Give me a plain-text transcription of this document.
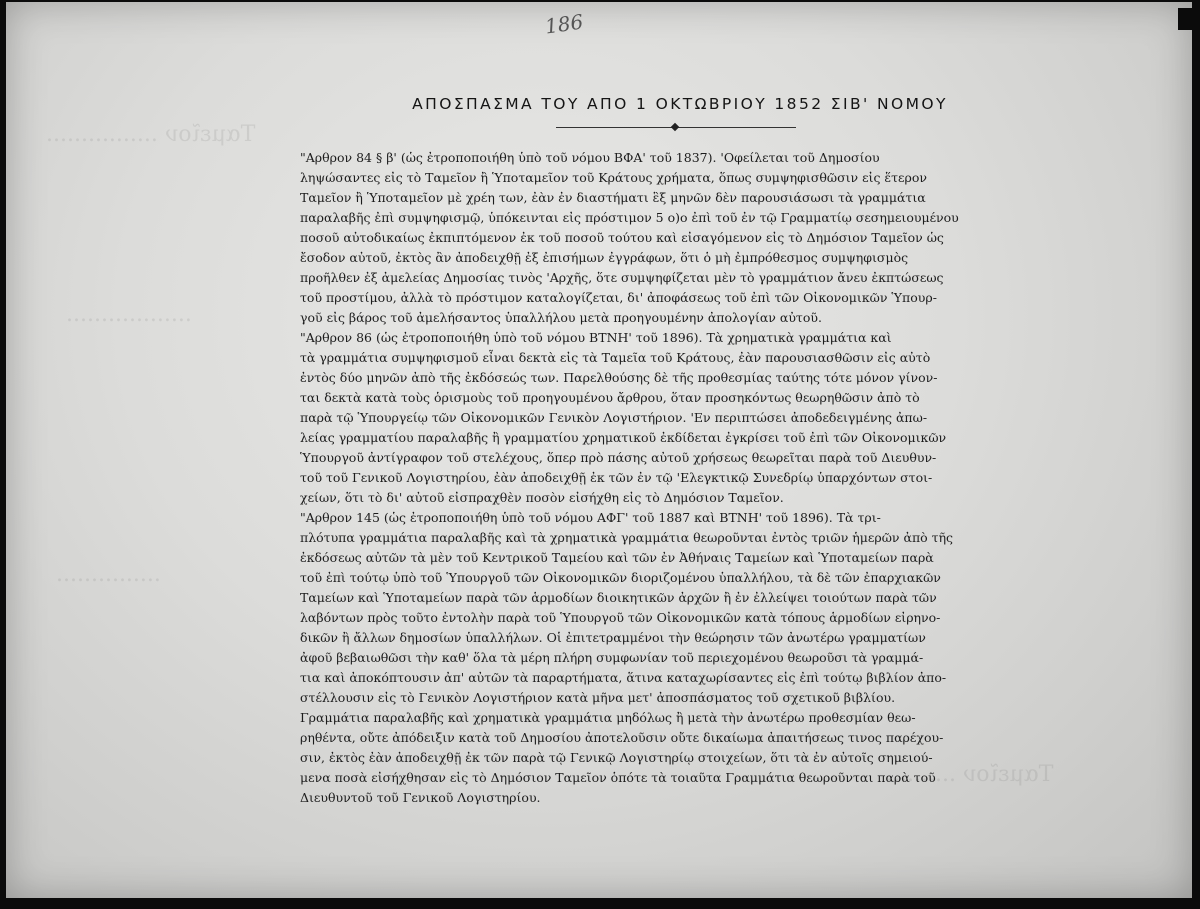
Ταμεῖον ................
..................
...............
Ταμεῖον ..........
186
ΑΠΟΣΠΑΣΜΑ ΤΟΥ ΑΠΟ 1 ΟΚΤΩΒΡΙΟΥ 1852 ΣΙΒ' ΝΟΜΟΥ
"Αρθρον 84 § β' (ὡς ἐτροποποιήθη ὑπὸ τοῦ νόμου ΒΦΑ' τοῦ 1837). 'Οφείλεται τοῦ Δημοσίου
ληψώσαντες εἰς τὸ Ταμεῖον ἢ Ὑποταμεῖον τοῦ Κράτους χρήματα, ὅπως συμψηφισθῶσιν εἰς ἕτερον
Ταμεῖον ἢ Ὑποταμεῖον μὲ χρέη των, ἐὰν ἐν διαστήματι ἓξ μηνῶν δὲν παρουσιάσωσι τὰ γραμμάτια
παραλαβῆς ἐπὶ συμψηφισμῷ, ὑπόκεινται εἰς πρόστιμον 5 ο)ο ἐπὶ τοῦ ἐν τῷ Γραμματίῳ σεσημειουμένου
ποσοῦ αὐτοδικαίως ἐκπιπτόμενον ἐκ τοῦ ποσοῦ τούτου καὶ εἰσαγόμενον εἰς τὸ Δημόσιον Ταμεῖον ὡς
ἔσοδον αὐτοῦ, ἐκτὸς ἂν ἀποδειχθῇ ἐξ ἐπισήμων ἐγγράφων, ὅτι ὁ μὴ ἐμπρόθεσμος συμψηφισμὸς
προῆλθεν ἐξ ἀμελείας Δημοσίας τινὸς 'Αρχῆς, ὅτε συμψηφίζεται μὲν τὸ γραμμάτιον ἄνευ ἐκπτώσεως
τοῦ προστίμου, ἀλλὰ τὸ πρόστιμον καταλογίζεται, δι' ἀποφάσεως τοῦ ἐπὶ τῶν Οἰκονομικῶν Ὑπουρ-
γοῦ εἰς βάρος τοῦ ἀμελήσαντος ὑπαλλήλου μετὰ προηγουμένην ἀπολογίαν αὐτοῦ.
"Αρθρον 86 (ὡς ἐτροποποιήθη ὑπὸ τοῦ νόμου ΒΤΝΗ' τοῦ 1896). Τὰ χρηματικὰ γραμμάτια καὶ
τὰ γραμμάτια συμψηφισμοῦ εἶναι δεκτὰ εἰς τὰ Ταμεῖα τοῦ Κράτους, ἐὰν παρουσιασθῶσιν εἰς αὐτὸ
ἐντὸς δύο μηνῶν ἀπὸ τῆς ἐκδόσεώς των. Παρελθούσης δὲ τῆς προθεσμίας ταύτης τότε μόνον γίνον-
ται δεκτὰ κατὰ τοὺς ὁρισμοὺς τοῦ προηγουμένου ἄρθρου, ὅταν προσηκόντως θεωρηθῶσιν ἀπὸ τὸ
παρὰ τῷ Ὑπουργείῳ τῶν Οἰκονομικῶν Γενικὸν Λογιστήριον. 'Εν περιπτώσει ἀποδεδειγμένης ἀπω-
λείας γραμματίου παραλαβῆς ἢ γραμματίου χρηματικοῦ ἐκδίδεται ἐγκρίσει τοῦ ἐπὶ τῶν Οἰκονομικῶν
Ὑπουργοῦ ἀντίγραφον τοῦ στελέχους, ὅπερ πρὸ πάσης αὐτοῦ χρήσεως θεωρεῖται παρὰ τοῦ Διευθυν-
τοῦ τοῦ Γενικοῦ Λογιστηρίου, ἐὰν ἀποδειχθῇ ἐκ τῶν ἐν τῷ 'Ελεγκτικῷ Συνεδρίῳ ὑπαρχόντων στοι-
χείων, ὅτι τὸ δι' αὐτοῦ εἰσπραχθὲν ποσὸν εἰσήχθη εἰς τὸ Δημόσιον Ταμεῖον.
"Αρθρον 145 (ὡς ἐτροποποιήθη ὑπὸ τοῦ νόμου ΑΦΓ' τοῦ 1887 καὶ ΒΤΝΗ' τοῦ 1896). Τὰ τρι-
πλότυπα γραμμάτια παραλαβῆς καὶ τὰ χρηματικὰ γραμμάτια θεωροῦνται ἐντὸς τριῶν ἡμερῶν ἀπὸ τῆς
ἐκδόσεως αὐτῶν τὰ μὲν τοῦ Κεντρικοῦ Ταμείου καὶ τῶν ἐν Ἀθήναις Ταμείων καὶ Ὑποταμείων παρὰ
τοῦ ἐπὶ τούτῳ ὑπὸ τοῦ Ὑπουργοῦ τῶν Οἰκονομικῶν διοριζομένου ὑπαλλήλου, τὰ δὲ τῶν ἐπαρχιακῶν
Ταμείων καὶ Ὑποταμείων παρὰ τῶν ἁρμοδίων διοικητικῶν ἀρχῶν ἢ ἐν ἐλλείψει τοιούτων παρὰ τῶν
λαβόντων πρὸς τοῦτο ἐντολὴν παρὰ τοῦ Ὑπουργοῦ τῶν Οἰκονομικῶν κατὰ τόπους ἁρμοδίων εἰρηνο-
δικῶν ἢ ἄλλων δημοσίων ὑπαλλήλων. Οἱ ἐπιτετραμμένοι τὴν θεώρησιν τῶν ἀνωτέρω γραμματίων
ἀφοῦ βεβαιωθῶσι τὴν καθ' ὅλα τὰ μέρη πλήρη συμφωνίαν τοῦ περιεχομένου θεωροῦσι τὰ γραμμά-
τια καὶ ἀποκόπτουσιν ἀπ' αὐτῶν τὰ παραρτήματα, ἅτινα καταχωρίσαντες εἰς ἐπὶ τούτῳ βιβλίον ἀπο-
στέλλουσιν εἰς τὸ Γενικὸν Λογιστήριον κατὰ μῆνα μετ' ἀποσπάσματος τοῦ σχετικοῦ βιβλίου.
Γραμμάτια παραλαβῆς καὶ χρηματικὰ γραμμάτια μηδόλως ἢ μετὰ τὴν ἀνωτέρω προθεσμίαν θεω-
ρηθέντα, οὔτε ἀπόδειξιν κατὰ τοῦ Δημοσίου ἀποτελοῦσιν οὔτε δικαίωμα ἀπαιτήσεως τινος παρέχου-
σιν, ἐκτὸς ἐὰν ἀποδειχθῇ ἐκ τῶν παρὰ τῷ Γενικῷ Λογιστηρίῳ στοιχείων, ὅτι τὰ ἐν αὐτοῖς σημειού-
μενα ποσὰ εἰσήχθησαν εἰς τὸ Δημόσιον Ταμεῖον ὁπότε τὰ τοιαῦτα Γραμμάτια θεωροῦνται παρὰ τοῦ
Διευθυντοῦ τοῦ Γενικοῦ Λογιστηρίου.
